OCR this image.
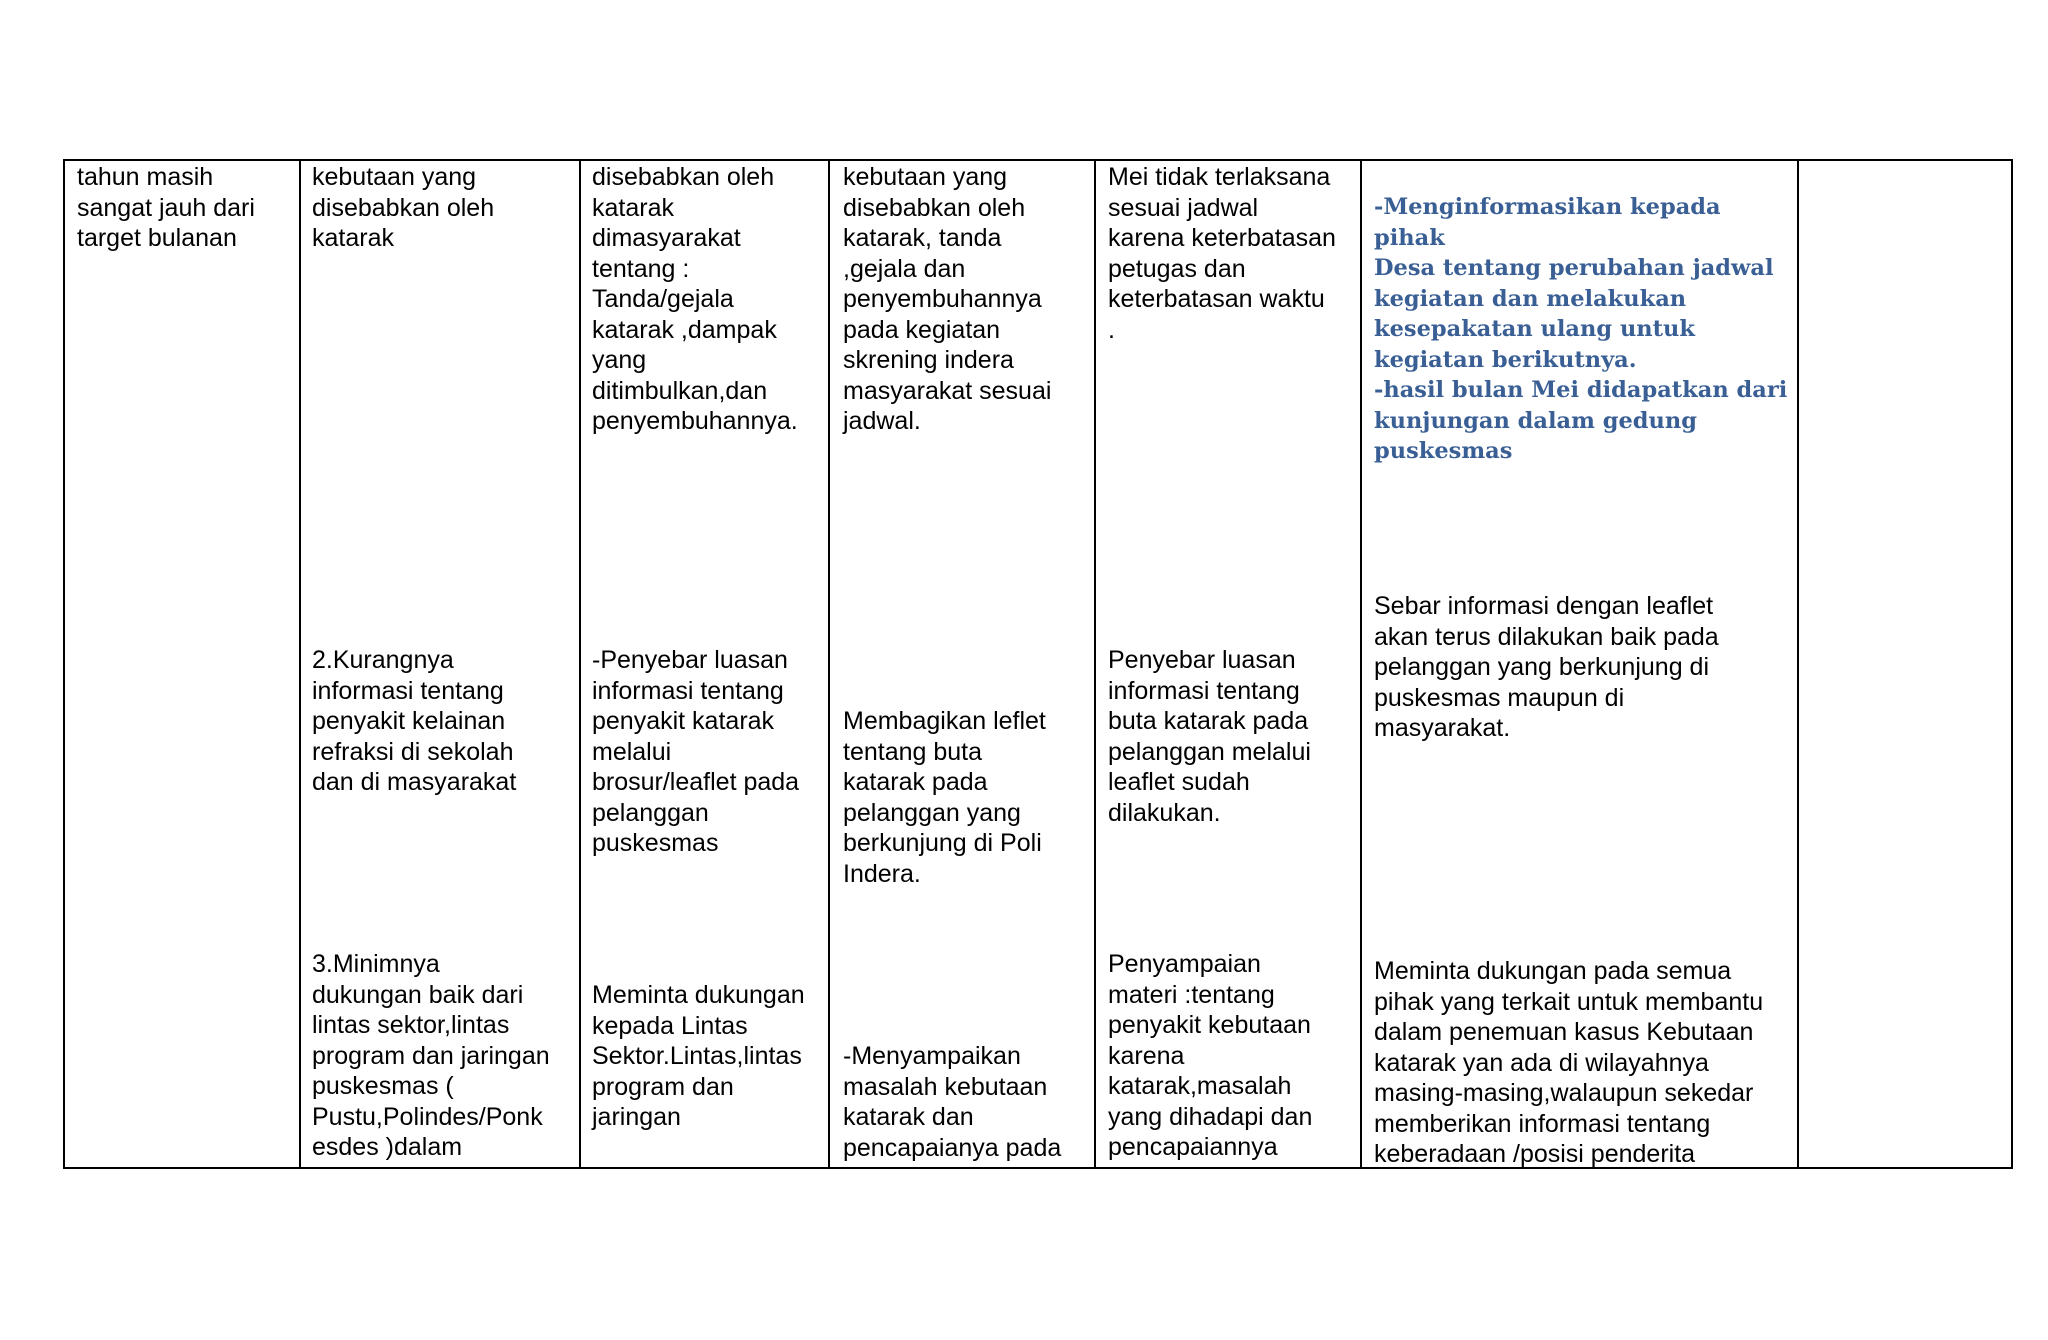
tahun masih
sangat jauh dari
target bulanan

kebutaan yang
disebabkan oleh
katarak

2.Kurangnya
informasi tentang
penyakit kelainan
refraksi di sekolah
dan di masyarakat

3.Minimnya
dukungan baik dari
lintas sektor,lintas
program dan jaringan
puskesmas (
Pustu,Polindes/Ponk
esdes )dalam

disebabkan oleh
katarak
dimasyarakat
tentang :
Tanda/gejala
katarak ,dampak
yang
ditimbulkan,dan
penyembuhannya.

-Penyebar luasan
informasi tentang
penyakit katarak
melalui
brosur/leaflet pada
pelanggan
puskesmas

Meminta dukungan
kepada Lintas
Sektor.Lintas,lintas
program dan
jaringan

kebutaan yang
disebabkan oleh
katarak, tanda
,gejala dan
penyembuhannya
pada kegiatan
skrening indera
masyarakat sesuai
jadwal.

Membagikan leflet
tentang buta
katarak pada
pelanggan yang
berkunjung di Poli
Indera.

-Menyampaikan
masalah kebutaan
katarak dan
pencapaianya pada

Mei tidak terlaksana
sesuai jadwal
karena keterbatasan
petugas dan
keterbatasan waktu
.

Penyebar luasan
informasi tentang
buta katarak pada
pelanggan melalui
leaflet sudah
dilakukan.

Penyampaian
materi :tentang
penyakit kebutaan
karena
katarak,masalah
yang dihadapi dan
pencapaiannya

-Menginformasikan kepada pihak
Desa tentang perubahan jadwal
kegiatan dan melakukan
kesepakatan ulang untuk
kegiatan berikutnya.

-hasil bulan Mei didapatkan dari
kunjungan dalam gedung
puskesmas

Sebar informasi dengan leaflet
akan terus dilakukan baik pada
pelanggan yang berkunjung di
puskesmas maupun di
masyarakat.

Meminta dukungan pada semua
pihak yang terkait untuk membantu
dalam penemuan kasus Kebutaan
katarak yan ada di wilayahnya
masing-masing,walaupun sekedar
memberikan informasi tentang
keberadaan /posisi penderita
